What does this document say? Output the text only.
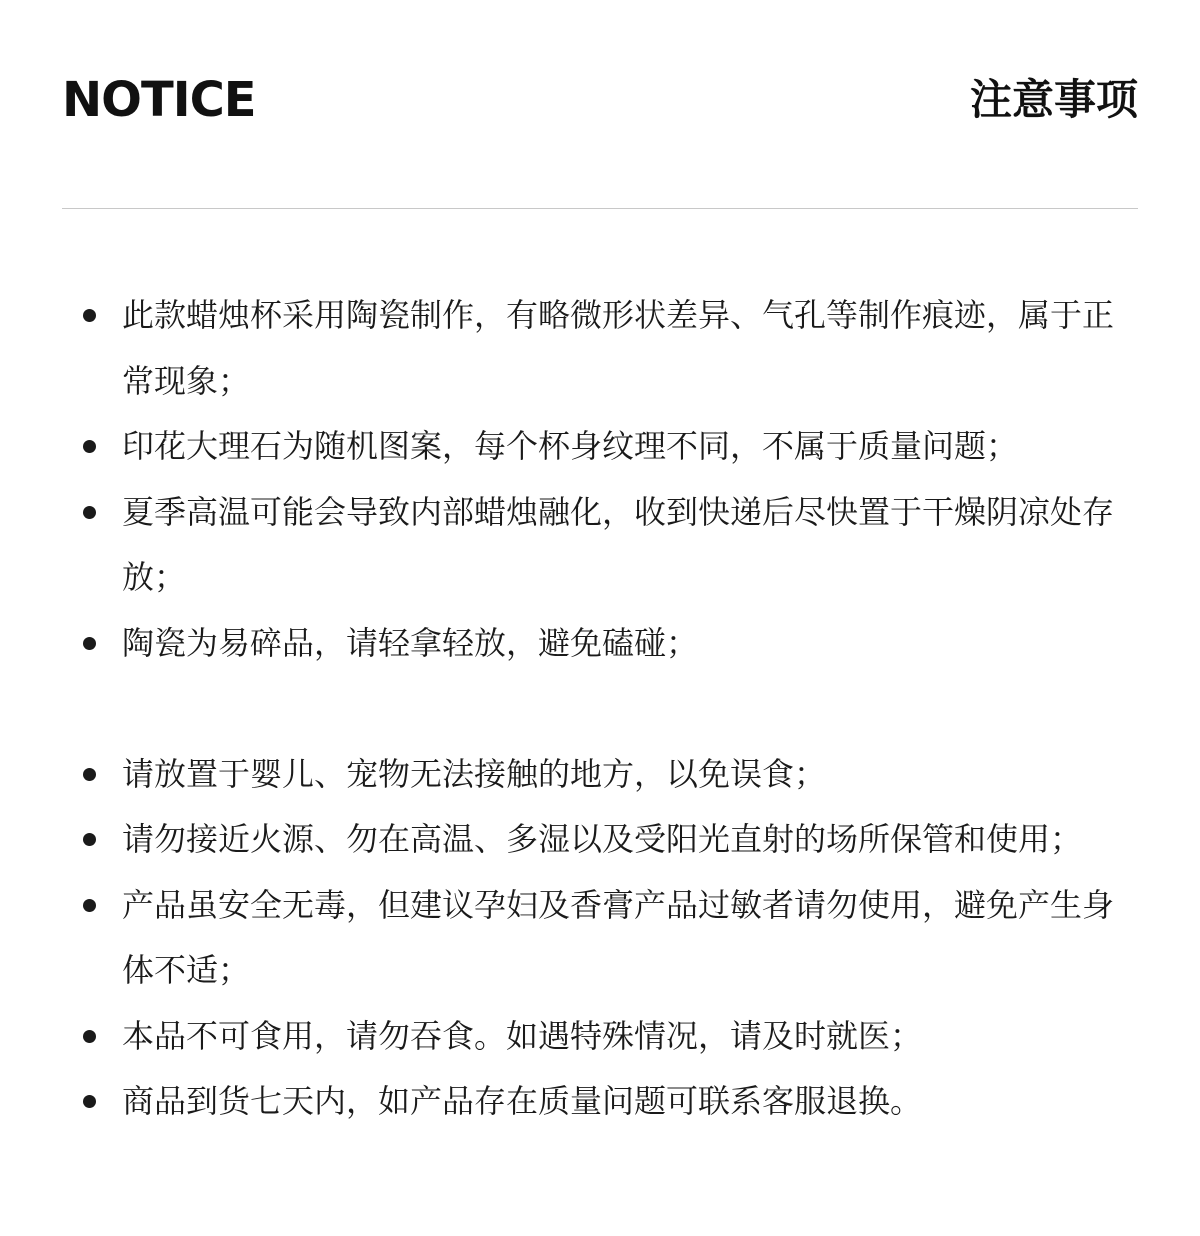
NOTICE	注意事项
此款蜡烛杯采用陶瓷制作，有略微形状差异、气孔等制作痕迹，属于正常现象；
印花大理石为随机图案，每个杯身纹理不同，不属于质量问题；
夏季高温可能会导致内部蜡烛融化，收到快递后尽快置于干燥阴凉处存放；
陶瓷为易碎品，请轻拿轻放，避免磕碰；
请放置于婴儿、宠物无法接触的地方，以免误食；
请勿接近火源、勿在高温、多湿以及受阳光直射的场所保管和使用；
产品虽安全无毒，但建议孕妇及香膏产品过敏者请勿使用，避免产生身体不适；
本品不可食用，请勿吞食。如遇特殊情况，请及时就医；
商品到货七天内，如产品存在质量问题可联系客服退换。
